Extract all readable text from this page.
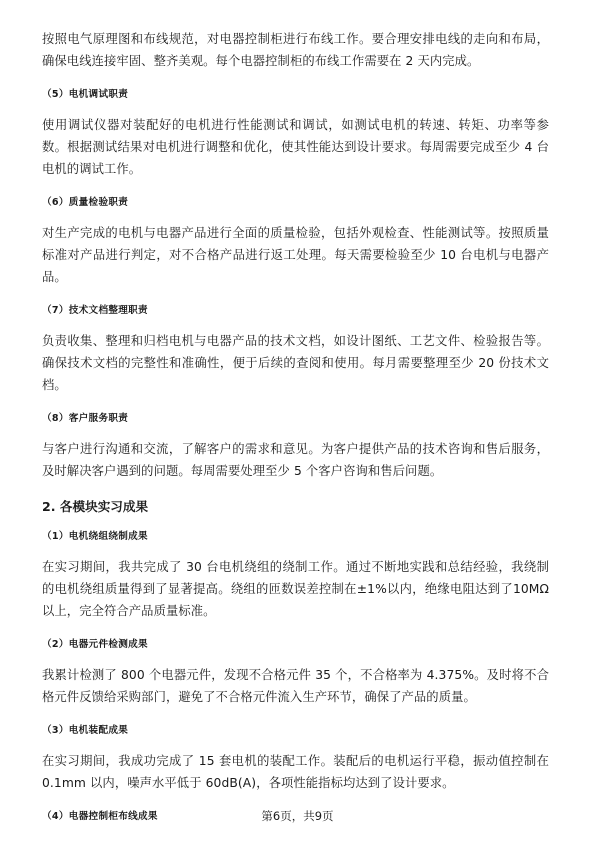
按照电气原理图和布线规范，对电器控制柜进行布线工作。要合理安排电线的走向和布局，确保电线连接牢固、整齐美观。每个电器控制柜的布线工作需要在 2 天内完成。

（5）电机调试职责

使用调试仪器对装配好的电机进行性能测试和调试，如测试电机的转速、转矩、功率等参数。根据测试结果对电机进行调整和优化，使其性能达到设计要求。每周需要完成至少 4 台电机的调试工作。

（6）质量检验职责

对生产完成的电机与电器产品进行全面的质量检验，包括外观检查、性能测试等。按照质量标准对产品进行判定，对不合格产品进行返工处理。每天需要检验至少 10 台电机与电器产品。

（7）技术文档整理职责

负责收集、整理和归档电机与电器产品的技术文档，如设计图纸、工艺文件、检验报告等。确保技术文档的完整性和准确性，便于后续的查阅和使用。每月需要整理至少 20 份技术文档。

（8）客户服务职责

与客户进行沟通和交流，了解客户的需求和意见。为客户提供产品的技术咨询和售后服务，及时解决客户遇到的问题。每周需要处理至少 5 个客户咨询和售后问题。

2. 各模块实习成果

（1）电机绕组绕制成果

在实习期间，我共完成了 30 台电机绕组的绕制工作。通过不断地实践和总结经验，我绕制的电机绕组质量得到了显著提高。绕组的匝数误差控制在±1%以内，绝缘电阻达到了10MΩ以上，完全符合产品质量标准。

（2）电器元件检测成果

我累计检测了 800 个电器元件，发现不合格元件 35 个，不合格率为 4.375%。及时将不合格元件反馈给采购部门，避免了不合格元件流入生产环节，确保了产品的质量。

（3）电机装配成果

在实习期间，我成功完成了 15 套电机的装配工作。装配后的电机运行平稳，振动值控制在0.1mm 以内，噪声水平低于 60dB(A)，各项性能指标均达到了设计要求。

（4）电器控制柜布线成果	第6页，共9页
